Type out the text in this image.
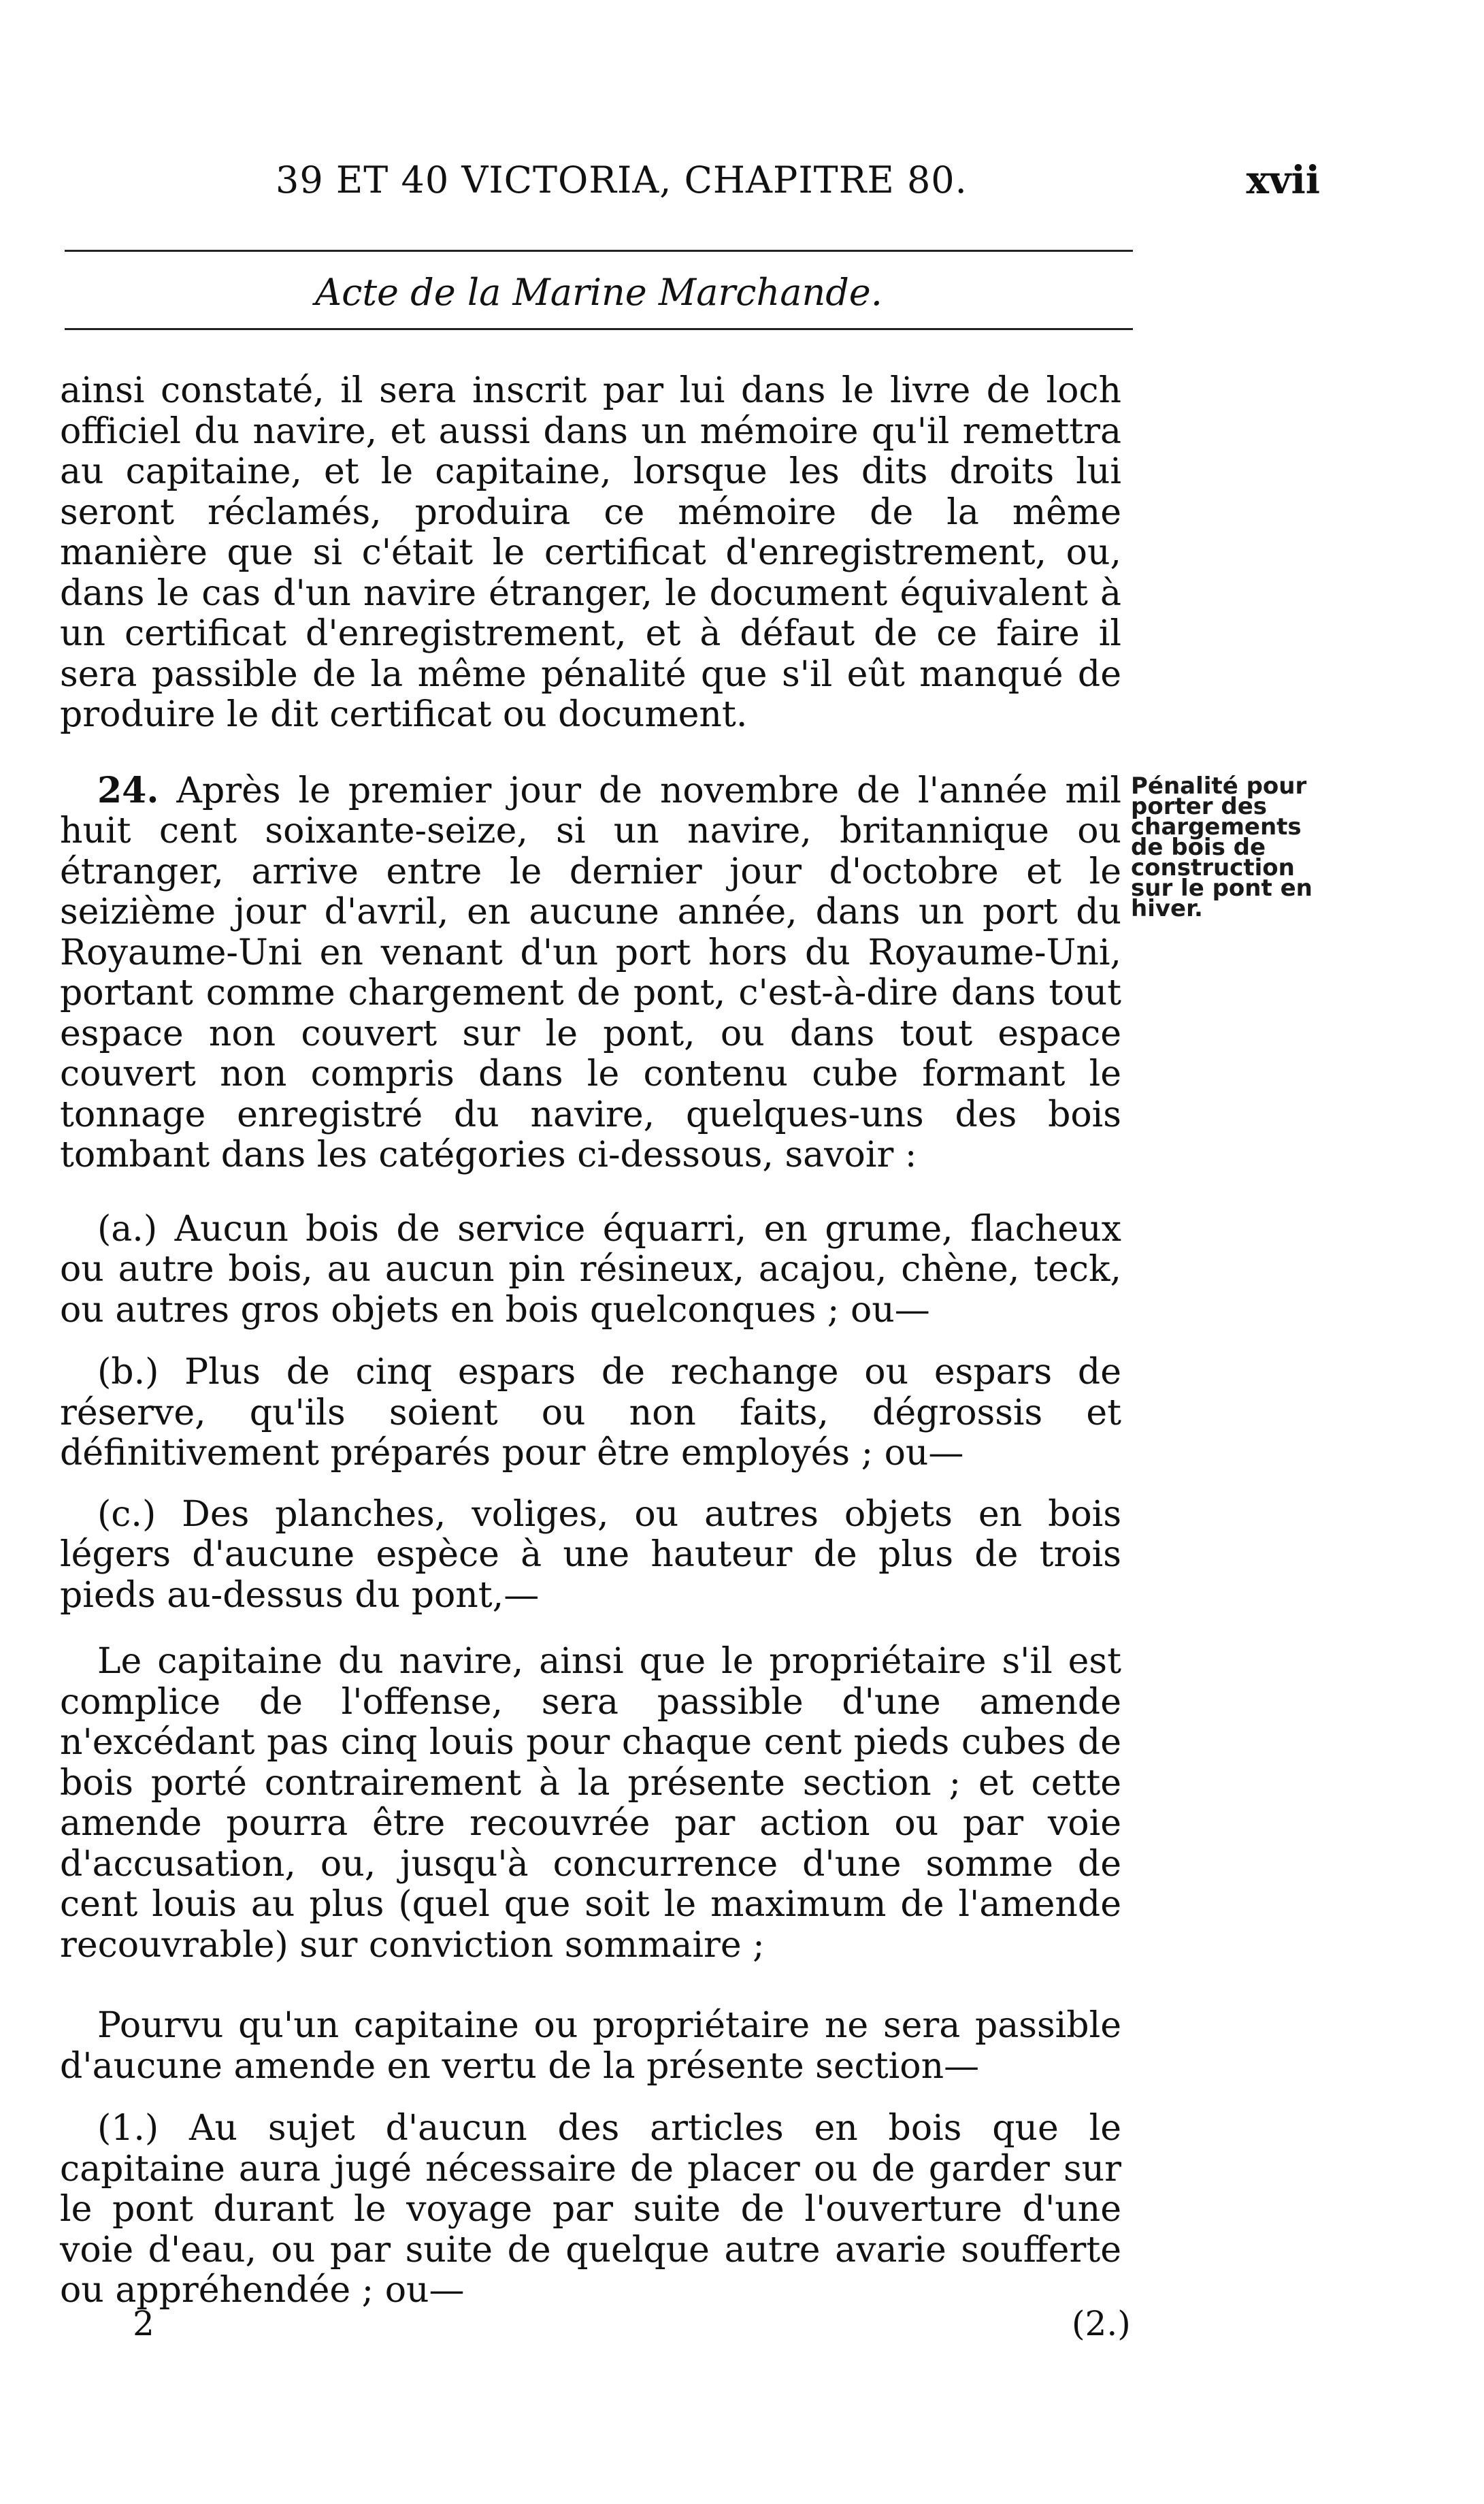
39 ET 40 VICTORIA, CHAPITRE 80.	xvii
Acte de la Marine Marchande.

ainsi constaté, il sera inscrit par lui dans le livre de loch officiel du navire, et aussi dans un mémoire qu'il remettra au capitaine, et le capitaine, lorsque les dits droits lui seront réclamés, produira ce mémoire de la même manière que si c'était le certificat d'enregistrement, ou, dans le cas d'un navire étranger, le document équivalent à un certificat d'enregistrement, et à défaut de ce faire il sera passible de la même pénalité que s'il eût manqué de produire le dit certificat ou document.

24. Après le premier jour de novembre de l'année mil huit cent soixante-seize, si un navire, britannique ou étranger, arrive entre le dernier jour d'octobre et le seizième jour d'avril, en aucune année, dans un port du Royaume-Uni en venant d'un port hors du Royaume-Uni, portant comme chargement de pont, c'est-à-dire dans tout espace non couvert sur le pont, ou dans tout espace couvert non compris dans le contenu cube formant le tonnage enregistré du navire, quelques-uns des bois tombant dans les catégories ci-dessous, savoir :

(a.) Aucun bois de service équarri, en grume, flacheux ou autre bois, au aucun pin résineux, acajou, chène, teck, ou autres gros objets en bois quelconques ; ou—

(b.) Plus de cinq espars de rechange ou espars de réserve, qu'ils soient ou non faits, dégrossis et définitivement préparés pour être employés ; ou—

(c.) Des planches, voliges, ou autres objets en bois légers d'aucune espèce à une hauteur de plus de trois pieds au-dessus du pont,—

Le capitaine du navire, ainsi que le propriétaire s'il est complice de l'offense, sera passible d'une amende n'excédant pas cinq louis pour chaque cent pieds cubes de bois porté contrairement à la présente section ; et cette amende pourra être recouvrée par action ou par voie d'accusation, ou, jusqu'à concurrence d'une somme de cent louis au plus (quel que soit le maximum de l'amende recouvrable) sur conviction sommaire ;

Pourvu qu'un capitaine ou propriétaire ne sera passible d'aucune amende en vertu de la présente section—

(1.) Au sujet d'aucun des articles en bois que le capitaine aura jugé nécessaire de placer ou de garder sur le pont durant le voyage par suite de l'ouverture d'une voie d'eau, ou par suite de quelque autre avarie soufferte ou appréhendée ; ou—

Pénalité pour porter des chargements de bois de construction sur le pont en hiver.
2	(2.)
